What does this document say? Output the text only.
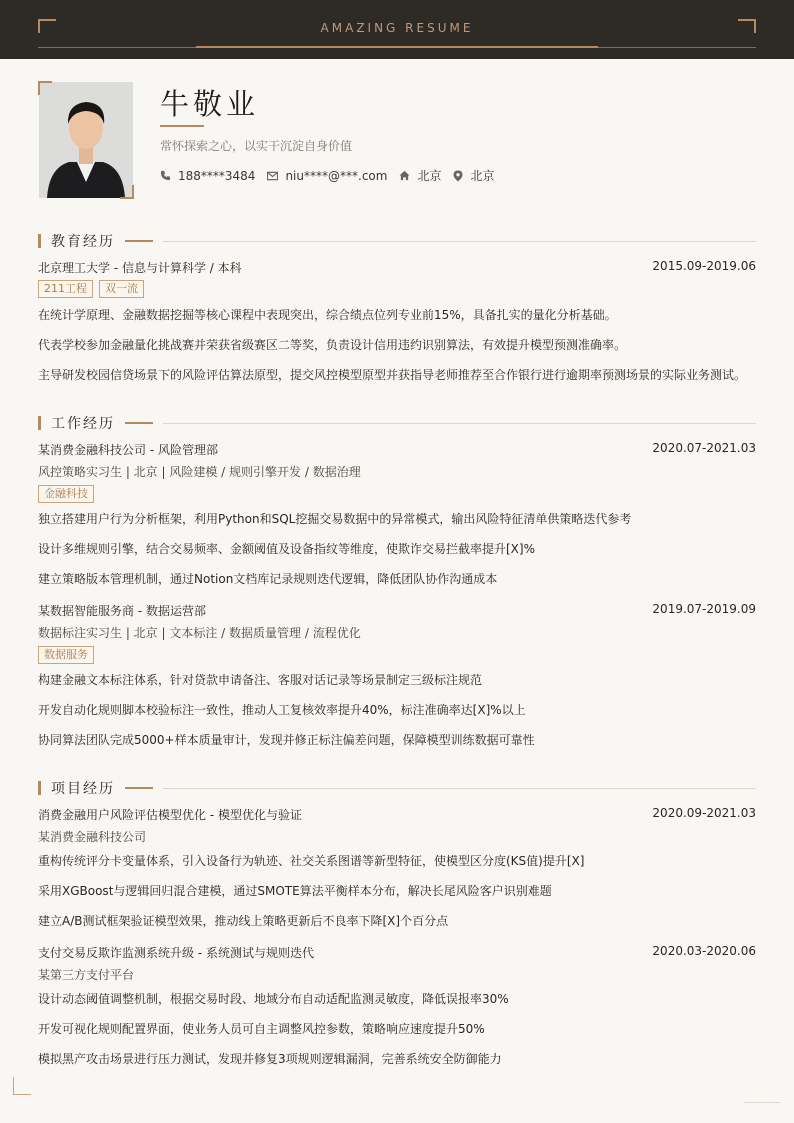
AMAZING RESUME
牛敬业
常怀探索之心，以实干沉淀自身价值
188****3484	niu****@***.com	北京 北京
教育经历
北京理工大学 - 信息与计算科学 / 本科	2015.09-2019.06
211工程	双一流
在统计学原理、金融数据挖掘等核心课程中表现突出，综合绩点位列专业前15%，具备扎实的量化分析基础。
代表学校参加金融量化挑战赛并荣获省级赛区二等奖，负责设计信用违约识别算法，有效提升模型预测准确率。
主导研发校园信贷场景下的风险评估算法原型，提交风控模型原型并获指导老师推荐至合作银行进行逾期率预测场景的实际业务测试。
工作经历
某消费金融科技公司 - 风险管理部	2020.07-2021.03
风控策略实习生 | 北京 | 风险建模 / 规则引擎开发 / 数据治理
金融科技
独立搭建用户行为分析框架，利用Python和SQL挖掘交易数据中的异常模式，输出风险特征清单供策略迭代参考
设计多维规则引擎，结合交易频率、金额阈值及设备指纹等维度，使欺诈交易拦截率提升[X]%
建立策略版本管理机制，通过Notion文档库记录规则迭代逻辑，降低团队协作沟通成本
某数据智能服务商 - 数据运营部	2019.07-2019.09
数据标注实习生 | 北京 | 文本标注 / 数据质量管理 / 流程优化
数据服务
构建金融文本标注体系，针对贷款申请备注、客服对话记录等场景制定三级标注规范
开发自动化规则脚本校验标注一致性，推动人工复核效率提升40%，标注准确率达[X]%以上
协同算法团队完成5000+样本质量审计，发现并修正标注偏差问题，保障模型训练数据可靠性
项目经历
消费金融用户风险评估模型优化 - 模型优化与验证	2020.09-2021.03
某消费金融科技公司
重构传统评分卡变量体系，引入设备行为轨迹、社交关系图谱等新型特征，使模型区分度(KS值)提升[X]
采用XGBoost与逻辑回归混合建模，通过SMOTE算法平衡样本分布，解决长尾风险客户识别难题
建立A/B测试框架验证模型效果，推动线上策略更新后不良率下降[X]个百分点
支付交易反欺诈监测系统升级 - 系统测试与规则迭代	2020.03-2020.06
某第三方支付平台
设计动态阈值调整机制，根据交易时段、地域分布自动适配监测灵敏度，降低误报率30%
开发可视化规则配置界面，使业务人员可自主调整风控参数，策略响应速度提升50%
模拟黑产攻击场景进行压力测试，发现并修复3项规则逻辑漏洞，完善系统安全防御能力
